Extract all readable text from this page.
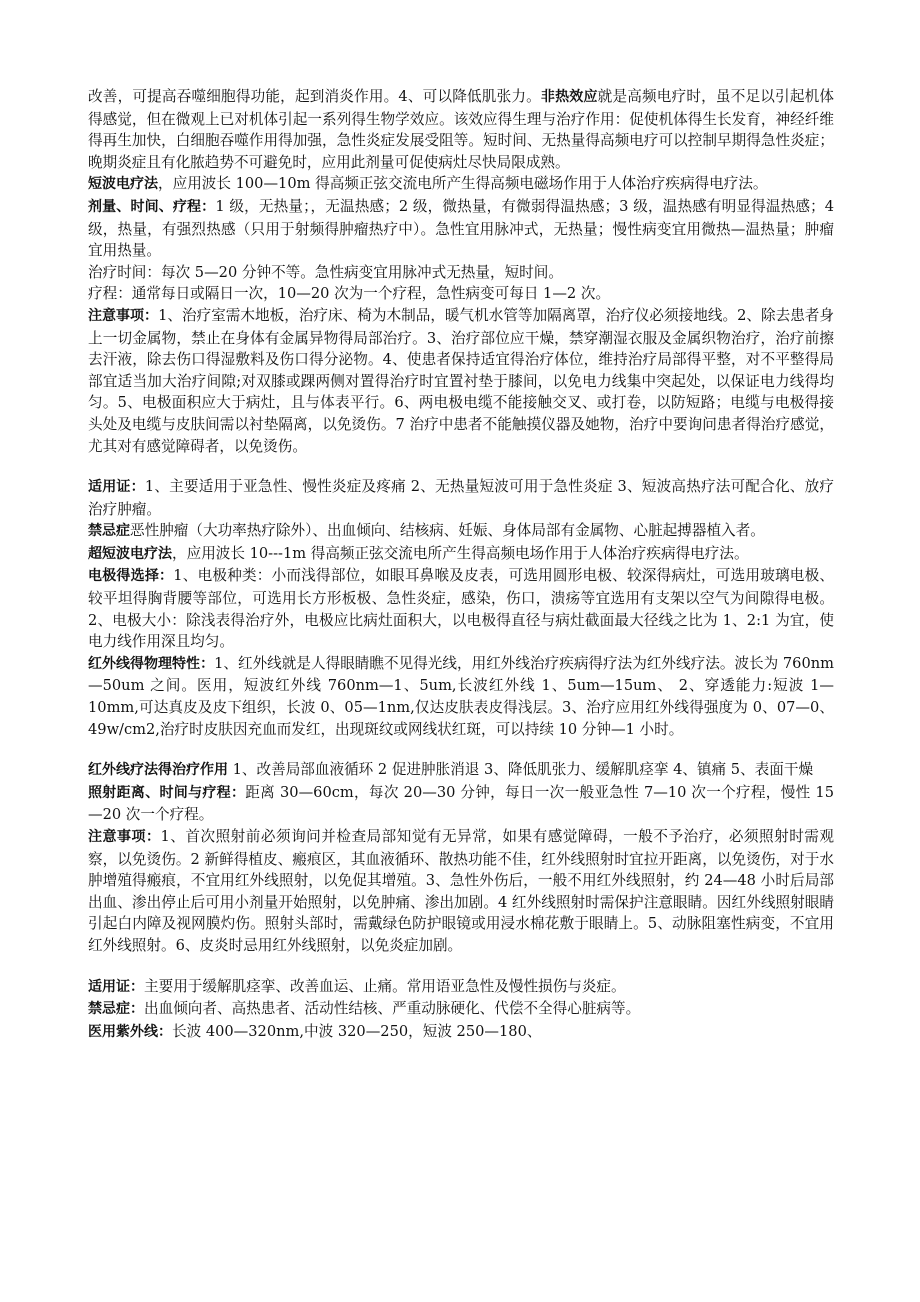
改善，可提高吞噬细胞得功能，起到消炎作用。4、可以降低肌张力。非热效应就是高频电疗时，虽不足以引起机体得感觉，但在微观上已对机体引起一系列得生物学效应。该效应得生理与治疗作用：促使机体得生长发育，神经纤维得再生加快，白细胞吞噬作用得加强，急性炎症发展受阻等。短时间、无热量得高频电疗可以控制早期得急性炎症；晚期炎症且有化脓趋势不可避免时，应用此剂量可促使病灶尽快局限成熟。

短波电疗法，应用波长 100—10m 得高频正弦交流电所产生得高频电磁场作用于人体治疗疾病得电疗法。

剂量、时间、疗程：1 级，无热量；，无温热感；2 级，微热量，有微弱得温热感；3 级，温热感有明显得温热感；4 级，热量，有强烈热感（只用于射频得肿瘤热疗中）。急性宜用脉冲式，无热量；慢性病变宜用微热—温热量；肿瘤宜用热量。

治疗时间：每次 5—20 分钟不等。急性病变宜用脉冲式无热量，短时间。

疗程：通常每日或隔日一次，10—20 次为一个疗程，急性病变可每日 1—2 次。

注意事项：1、治疗室需木地板，治疗床、椅为木制品，暖气机水管等加隔离罩，治疗仪必须接地线。2、除去患者身上一切金属物，禁止在身体有金属异物得局部治疗。3、治疗部位应干燥，禁穿潮湿衣服及金属织物治疗，治疗前擦去汗液，除去伤口得湿敷料及伤口得分泌物。4、使患者保持适宜得治疗体位，维持治疗局部得平整，对不平整得局部宜适当加大治疗间隙;对双膝或踝两侧对置得治疗时宜置衬垫于膝间，以免电力线集中突起处，以保证电力线得均匀。5、电极面积应大于病灶，且与体表平行。6、两电极电缆不能接触交叉、或打卷，以防短路；电缆与电极得接头处及电缆与皮肤间需以衬垫隔离，以免烫伤。7 治疗中患者不能触摸仪器及她物，治疗中要询问患者得治疗感觉，尤其对有感觉障碍者，以免烫伤。

适用证：1、主要适用于亚急性、慢性炎症及疼痛 2、无热量短波可用于急性炎症 3、短波高热疗法可配合化、放疗治疗肿瘤。

禁忌症恶性肿瘤（大功率热疗除外）、出血倾向、结核病、妊娠、身体局部有金属物、心脏起搏器植入者。

超短波电疗法，应用波长 10---1m 得高频正弦交流电所产生得高频电场作用于人体治疗疾病得电疗法。

电极得选择：1、电极种类：小而浅得部位，如眼耳鼻喉及皮表，可选用圆形电极、较深得病灶，可选用玻璃电极、较平坦得胸背腰等部位，可选用长方形板极、急性炎症，感染，伤口，溃疡等宜选用有支架以空气为间隙得电极。2、电极大小：除浅表得治疗外，电极应比病灶面积大，以电极得直径与病灶截面最大径线之比为 1、2:1 为宜，使电力线作用深且均匀。

红外线得物理特性：1、红外线就是人得眼睛瞧不见得光线，用红外线治疗疾病得疗法为红外线疗法。波长为 760nm—50um 之间。医用，短波红外线 760nm—1、5um,长波红外线 1、5um—15um、 2、穿透能力:短波 1—10mm,可达真皮及皮下组织，长波 0、05—1nm,仅达皮肤表皮得浅层。3、治疗应用红外线得强度为 0、07—0、49w/cm2,治疗时皮肤因充血而发红，出现斑纹或网线状红斑，可以持续 10 分钟—1 小时。

红外线疗法得治疗作用 1、改善局部血液循环 2 促进肿胀消退 3、降低肌张力、缓解肌痉挛 4、镇痛 5、表面干燥

照射距离、时间与疗程：距离 30—60cm，每次 20—30 分钟，每日一次一般亚急性 7—10 次一个疗程，慢性 15—20 次一个疗程。

注意事项：1、首次照射前必须询问并检查局部知觉有无异常，如果有感觉障碍，一般不予治疗，必须照射时需观察，以免烫伤。2 新鲜得植皮、瘢痕区，其血液循环、散热功能不佳，红外线照射时宜拉开距离，以免烫伤，对于水肿增殖得瘢痕，不宜用红外线照射，以免促其增殖。3、急性外伤后，一般不用红外线照射，约 24—48 小时后局部出血、渗出停止后可用小剂量开始照射，以免肿痛、渗出加剧。4 红外线照射时需保护注意眼睛。因红外线照射眼睛引起白内障及视网膜灼伤。照射头部时，需戴绿色防护眼镜或用浸水棉花敷于眼睛上。5、动脉阻塞性病变，不宜用红外线照射。6、皮炎时忌用红外线照射，以免炎症加剧。

适用证：主要用于缓解肌痉挛、改善血运、止痛。常用语亚急性及慢性损伤与炎症。

禁忌症：出血倾向者、高热患者、活动性结核、严重动脉硬化、代偿不全得心脏病等。

医用紫外线：长波 400—320nm,中波 320—250，短波 250—180、
